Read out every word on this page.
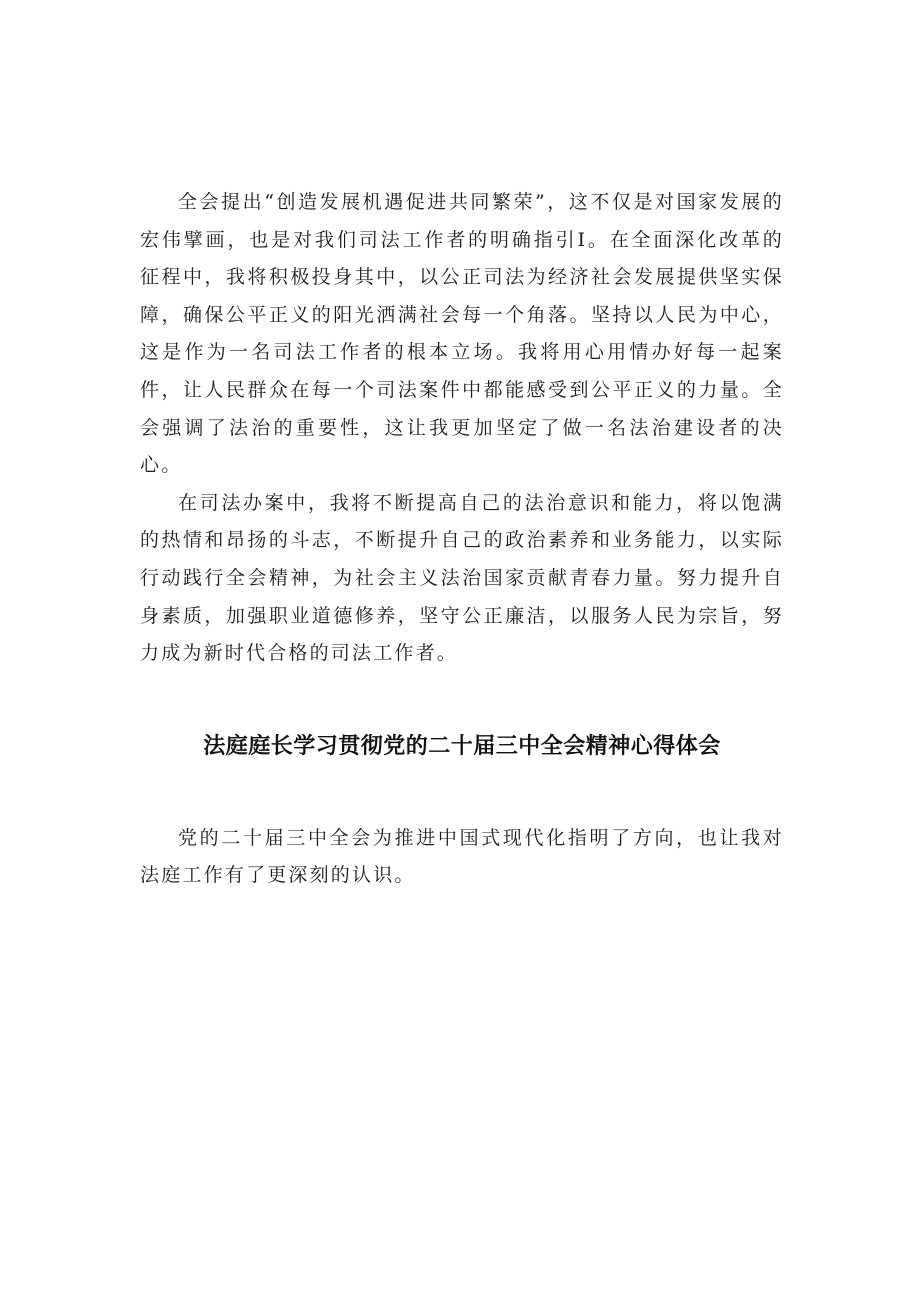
全会提出“创造发展机遇促进共同繁荣”，这不仅是对国家发展的宏伟擘画，也是对我们司法工作者的明确指引I。在全面深化改革的征程中，我将积极投身其中，以公正司法为经济社会发展提供坚实保障，确保公平正义的阳光洒满社会每一个角落。坚持以人民为中心，这是作为一名司法工作者的根本立场。我将用心用情办好每一起案件，让人民群众在每一个司法案件中都能感受到公平正义的力量。全会强调了法治的重要性，这让我更加坚定了做一名法治建设者的决心。

在司法办案中，我将不断提高自己的法治意识和能力，将以饱满的热情和昂扬的斗志，不断提升自己的政治素养和业务能力，以实际行动践行全会精神，为社会主义法治国家贡献青春力量。努力提升自身素质，加强职业道德修养，坚守公正廉洁，以服务人民为宗旨，努力成为新时代合格的司法工作者。

法庭庭长学习贯彻党的二十届三中全会精神心得体会

党的二十届三中全会为推进中国式现代化指明了方向，也让我对法庭工作有了更深刻的认识。
